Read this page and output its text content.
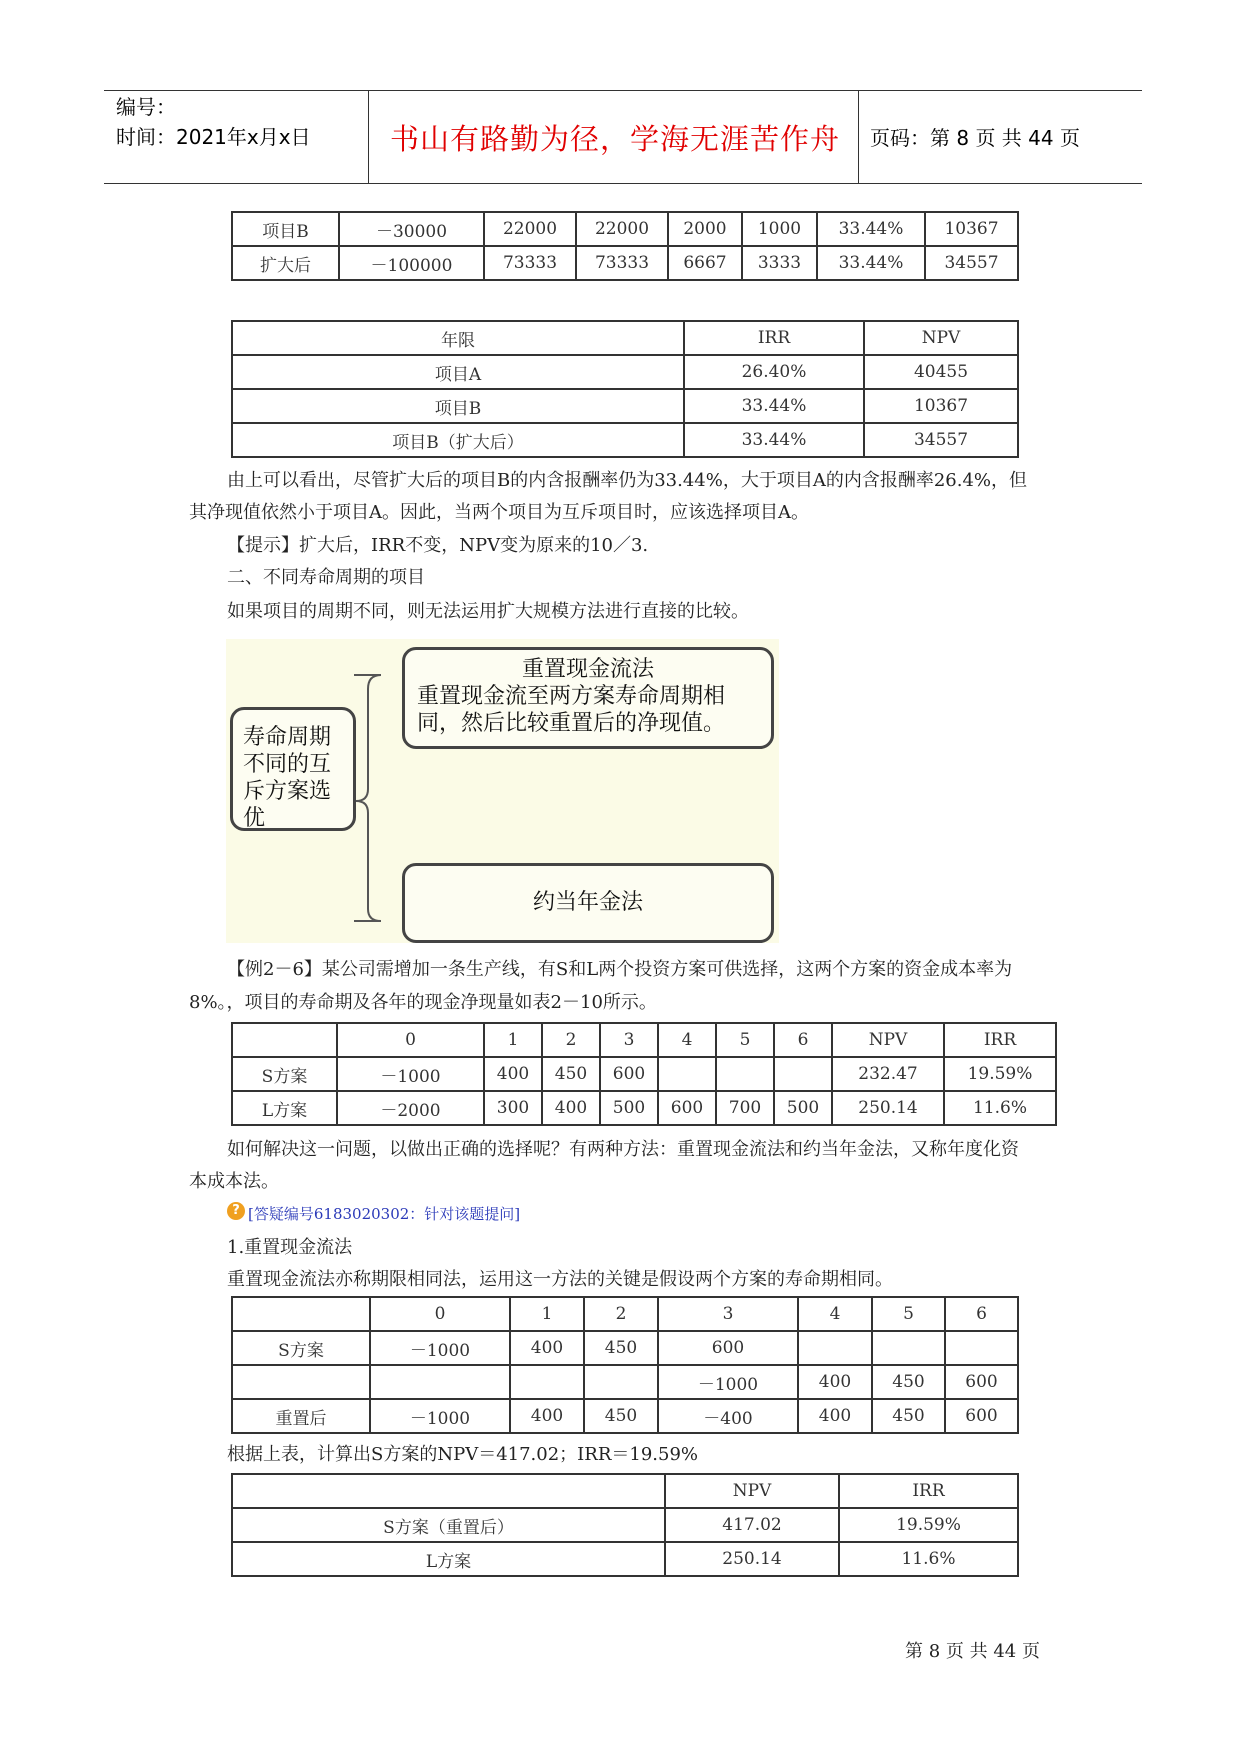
编号：
时间：2021年x月x日	书山有路勤为径，学海无涯苦作舟	页码：第 8 页 共 44 页
项目B	－30000	22000	22000	2000	1000	33.44%	10367
扩大后	－100000	73333	73333	6667	3333	33.44%	34557
年限	IRR	NPV
项目A	26.40%	40455
项目B	33.44%	10367
项目B（扩大后）	33.44%	34557
由上可以看出，尽管扩大后的项目B的内含报酬率仍为33.44%，大于项目A的内含报酬率26.4%，但
其净现值依然小于项目A。因此，当两个项目为互斥项目时，应该选择项目A。
【提示】扩大后，IRR不变，NPV变为原来的10／3.
二、不同寿命周期的项目
如果项目的周期不同，则无法运用扩大规模方法进行直接的比较。
寿命周期
不同的互
斥方案选
优
重置现金流法
重置现金流至两方案寿命周期相
同，然后比较重置后的净现值。
约当年金法
【例2－6】某公司需增加一条生产线，有S和L两个投资方案可供选择，这两个方案的资金成本率为
8%。，项目的寿命期及各年的现金净现量如表2－10所示。
	0	1	2	3	4	5	6	NPV	IRR
S方案	－1000	400	450	600				232.47	19.59%
L方案	－2000	300	400	500	600	700	500	250.14	11.6%
如何解决这一问题，以做出正确的选择呢？有两种方法：重置现金流法和约当年金法，又称年度化资
本成本法。
? [答疑编号6183020302：针对该题提问]
1.重置现金流法
重置现金流法亦称期限相同法，运用这一方法的关键是假设两个方案的寿命期相同。
	0	1	2	3	4	5	6
S方案	－1000	400	450	600			
				－1000	400	450	600
重置后	－1000	400	450	－400	400	450	600
根据上表，计算出S方案的NPV＝417.02；IRR＝19.59%
	NPV	IRR
S方案（重置后）	417.02	19.59%
L方案	250.14	11.6%
第 8 页 共 44 页
